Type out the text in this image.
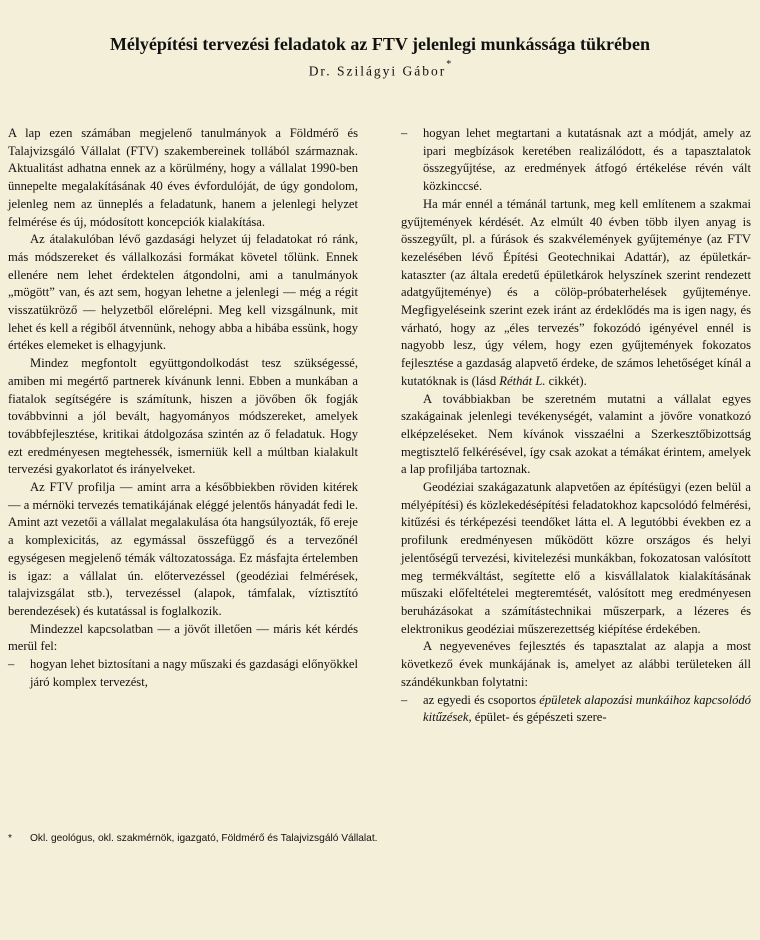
Mélyépítési tervezési feladatok az FTV jelenlegi munkássága tükrében
Dr. Szilágyi Gábor*

A lap ezen számában megjelenő tanulmányok a Földmérő és Talajvizsgáló Vállalat (FTV) szakembereinek tollából származnak. Aktualitást adhatna ennek az a körülmény, hogy a vállalat 1990-ben ünnepelte megalakításának 40 éves évfordulóját, de úgy gondolom, jelenleg nem az ünneplés a feladatunk, hanem a jelenlegi helyzet felmérése és új, módosított koncepciók kialakítása.

Az átalakulóban lévő gazdasági helyzet új feladatokat ró ránk, más módszereket és vállalkozási formákat követel tőlünk. Ennek ellenére nem lehet érdektelen átgondolni, ami a tanulmányok „mögött” van, és azt sem, hogyan lehetne a jelenlegi — még a régit visszatükröző — helyzetből előrelépni. Meg kell vizsgálnunk, mit lehet és kell a régiből átvennünk, nehogy abba a hibába essünk, hogy értékes elemeket is elhagyjunk.

Mindez megfontolt együttgondolkodást tesz szükségessé, amiben mi megértő partnerek kívánunk lenni. Ebben a munkában a fiatalok segítségére is számítunk, hiszen a jövőben ők fogják továbbvinni a jól bevált, hagyományos módszereket, amelyek továbbfejlesztése, kritikai átdolgozása szintén az ő feladatuk. Hogy ezt eredményesen megtehessék, ismerniük kell a múltban kialakult tervezési gyakorlatot és irányelveket.

Az FTV profilja — amint arra a későbbiekben röviden kitérek — a mérnöki tervezés tematikájának eléggé jelentős hányadát fedi le. Amint azt vezetői a vállalat megalakulása óta hangsúlyozták, fő ereje a komplexicitás, az egymással összefüggő és a tervezőnél egységesen megjelenő témák változatossága. Ez másfajta értelemben is igaz: a vállalat ún. előtervezéssel (geodéziai felmérések, talajvizsgálat stb.), tervezéssel (alapok, támfalak, víztisztító berendezések) és kutatással is foglalkozik.

Mindezzel kapcsolatban — a jövőt illetően — máris két kérdés merül fel:

– hogyan lehet biztosítani a nagy műszaki és gazdasági előnyökkel járó komplex tervezést,

– hogyan lehet megtartani a kutatásnak azt a módját, amely az ipari megbízások keretében realizálódott, és a tapasztalatok összegyűjtése, az eredmények átfogó értékelése révén vált közkinccsé.

Ha már ennél a témánál tartunk, meg kell említenem a szakmai gyűjtemények kérdését. Az elmúlt 40 évben több ilyen anyag is összegyűlt, pl. a fúrások és szakvélemények gyűjteménye (az FTV kezelésében lévő Építési Geotechnikai Adattár), az épületkár-kataszter (az általa eredetű épületkárok helyszínek szerint rendezett adatgyűjteménye) és a cölöp-próbaterhelések gyűjteménye. Megfigyeléseink szerint ezek iránt az érdeklődés ma is igen nagy, és várható, hogy az „éles tervezés” fokozódó igényével ennél is nagyobb lesz, úgy vélem, hogy ezen gyűjtemények fokozatos fejlesztése a gazdaság alapvető érdeke, de számos lehetőséget kínál a kutatóknak is (lásd Réthát L. cikkét).

A továbbiakban be szeretném mutatni a vállalat egyes szakágainak jelenlegi tevékenységét, valamint a jövőre vonatkozó elképzeléseket. Nem kívánok visszaélni a Szerkesztőbizottság megtisztelő felkérésével, így csak azokat a témákat érintem, amelyek a lap profiljába tartoznak.

Geodéziai szakágazatunk alapvetően az építésügyi (ezen belül a mélyépítési) és közlekedésépítési feladatokhoz kapcsolódó felmérési, kitűzési és térképezési teendőket látta el. A legutóbbi években ez a profilunk eredményesen működött közre országos és helyi jelentőségű tervezési, kivitelezési munkákban, fokozatosan valósított meg termékváltást, segítette elő a kisvállalatok kialakításának műszaki előfeltételei megteremtését, valósított meg eredményesen beruházásokat a számítástechnikai műszerpark, a lézeres és elektronikus geodéziai műszerezettség kiépítése érdekében.

A negyevenéves fejlesztés és tapasztalat az alapja a most következő évek munkájának is, amelyet az alábbi területeken áll szándékunkban folytatni:

– az egyedi és csoportos épületek alapozási munkáihoz kapcsolódó kitűzések, épület- és gépészeti szere-

* Okl. geológus, okl. szakmérnök, igazgató, Földmérő és Talajvizsgáló Vállalat.
